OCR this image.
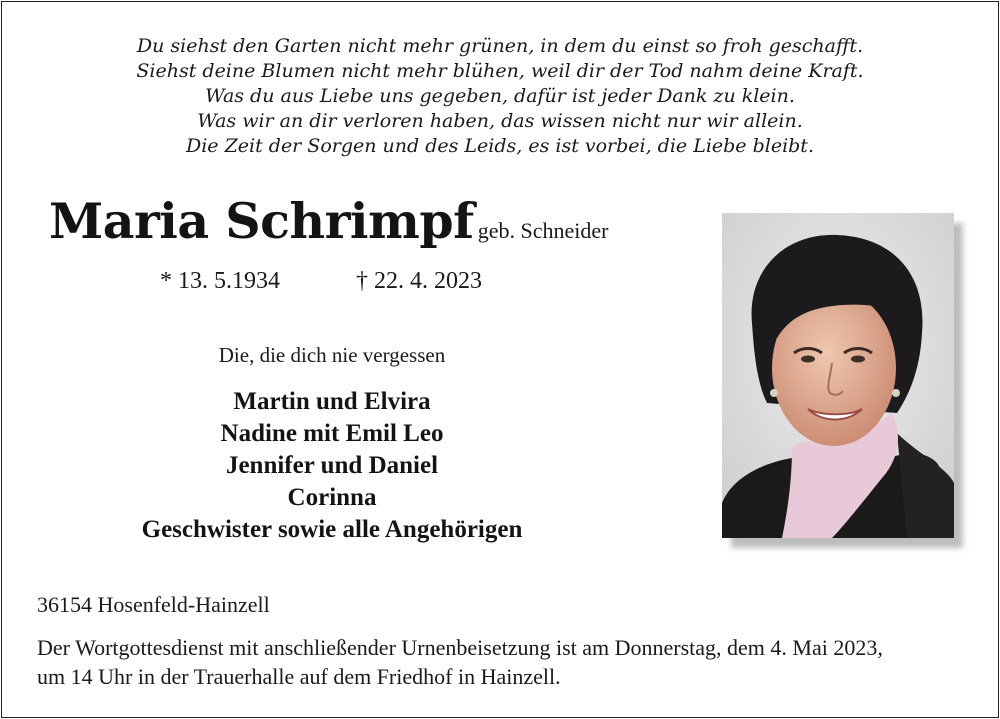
Du siehst den Garten nicht mehr grünen, in dem du einst so froh geschafft.
Siehst deine Blumen nicht mehr blühen, weil dir der Tod nahm deine Kraft.
Was du aus Liebe uns gegeben, dafür ist jeder Dank zu klein.
Was wir an dir verloren haben, das wissen nicht nur wir allein.
Die Zeit der Sorgen und des Leids, es ist vorbei, die Liebe bleibt.
Maria Schrimpf geb. Schneider
* 13. 5.1934	† 22. 4. 2023
Die, die dich nie vergessen
Martin und Elvira
Nadine mit Emil Leo
Jennifer und Daniel
Corinna
Geschwister sowie alle Angehörigen
36154 Hosenfeld-Hainzell
Der Wortgottesdienst mit anschließender Urnenbeisetzung ist am Donnerstag, dem 4. Mai 2023,
um 14 Uhr in der Trauerhalle auf dem Friedhof in Hainzell.
